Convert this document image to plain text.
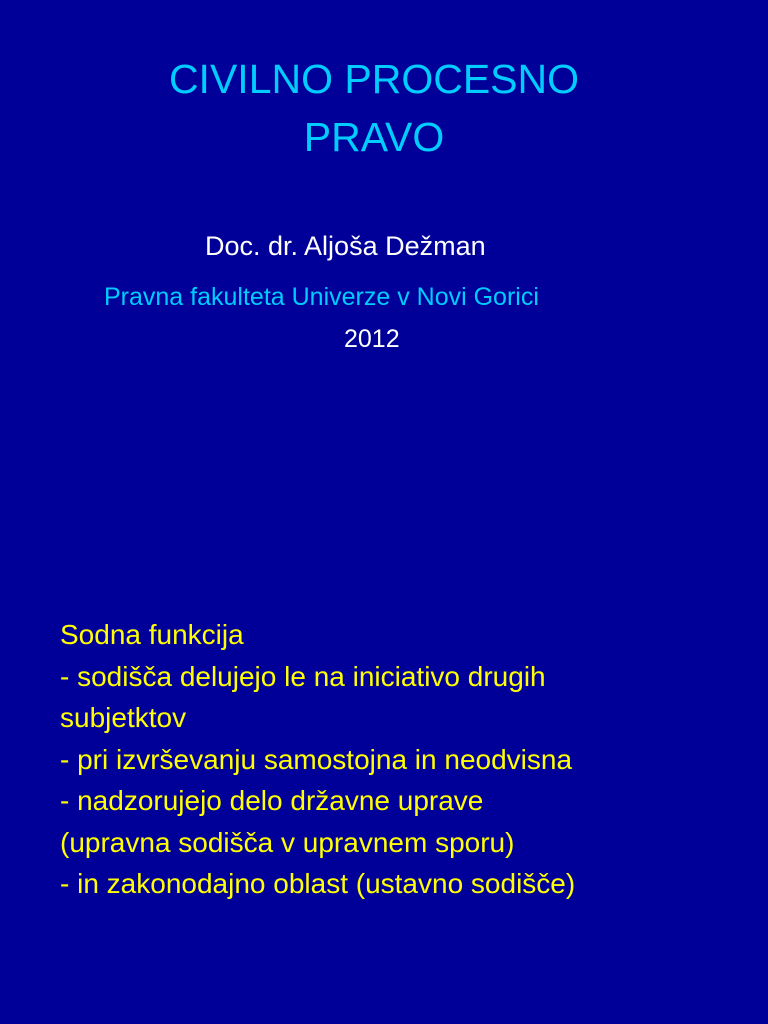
CIVILNO PROCESNO
PRAVO
Doc. dr. Aljoša Dežman
Pravna fakulteta Univerze v Novi Gorici
2012
Sodna funkcija
- sodišča delujejo le na iniciativo drugih
subjetktov
- pri izvrševanju samostojna in neodvisna
- nadzorujejo delo državne uprave
(upravna sodišča v upravnem sporu)
- in zakonodajno oblast (ustavno sodišče)
